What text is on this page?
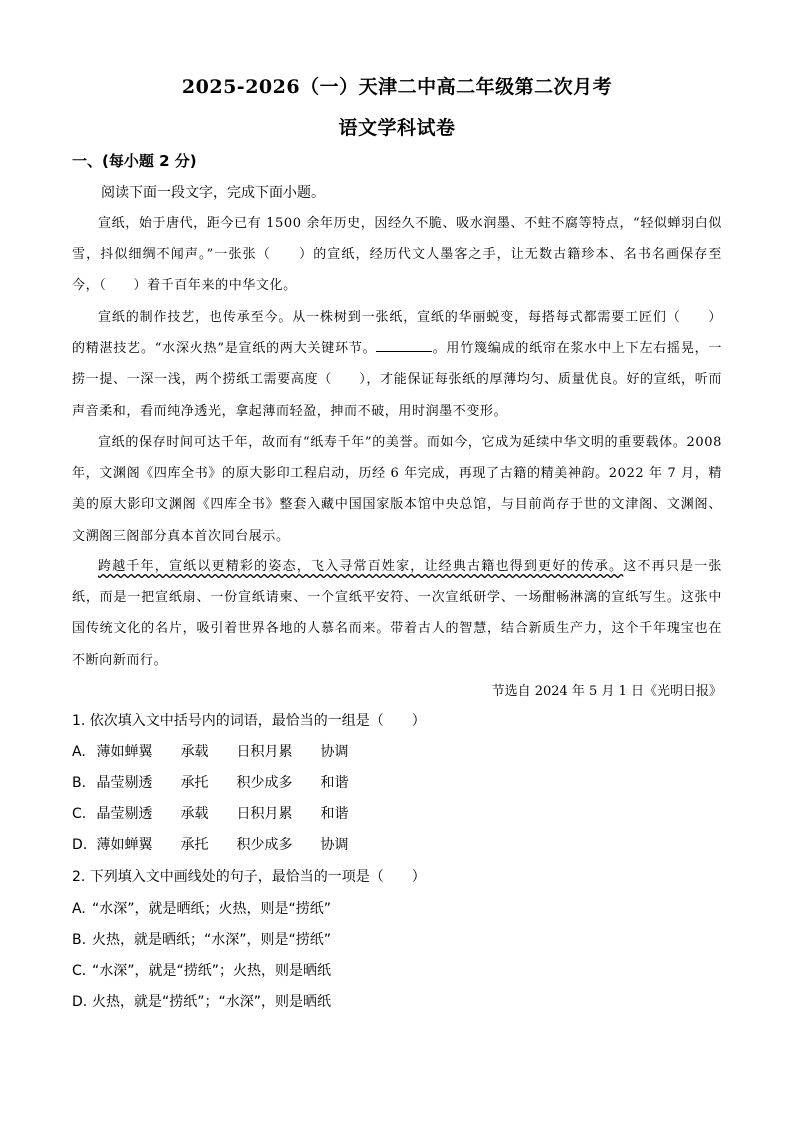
2025-2026（一）天津二中高二年级第二次月考
语文学科试卷
一、(每小题 2 分)
阅读下面一段文字，完成下面小题。

宣纸，始于唐代，距今已有 1500 余年历史，因经久不脆、吸水润墨、不蛀不腐等特点，“轻似蝉羽白似雪，抖似细绸不闻声。”一张张（　　）的宣纸，经历代文人墨客之手，让无数古籍珍本、名书名画保存至今，（　　）着千百年来的中华文化。

宣纸的制作技艺，也传承至今。从一株树到一张纸，宣纸的华丽蜕变，每搭每式都需要工匠们（　　）的精湛技艺。“水深火热”是宣纸的两大关键环节。	。用竹篾编成的纸帘在浆水中上下左右摇晃，一捞一提、一深一浅，两个捞纸工需要高度（　　），才能保证每张纸的厚薄均匀、质量优良。好的宣纸，听而声音柔和，看而纯净透光，拿起薄而轻盈，抻而不破，用时润墨不变形。

宣纸的保存时间可达千年，故而有“纸寿千年”的美誉。而如今，它成为延续中华文明的重要载体。2008 年，文渊阁《四库全书》的原大影印工程启动，历经 6 年完成，再现了古籍的精美神韵。2022 年 7 月，精美的原大影印文渊阁《四库全书》整套入藏中国国家版本馆中央总馆，与目前尚存于世的文津阁、文渊阁、文溯阁三阁部分真本首次同台展示。

跨越千年，宣纸以更精彩的姿态，飞入寻常百姓家，让经典古籍也得到更好的传承。这不再只是一张纸，而是一把宣纸扇、一份宣纸请柬、一个宣纸平安符、一次宣纸研学、一场酣畅淋漓的宣纸写生。这张中国传统文化的名片，吸引着世界各地的人慕名而来。带着古人的智慧，结合新质生产力，这个千年瑰宝也在不断向新而行。

节选自 2024 年 5 月 1 日《光明日报》
1. 依次填入文中括号内的词语，最恰当的一组是（　　）
A. 薄如蝉翼 承载 日积月累 协调
B. 晶莹剔透 承托 积少成多 和谐
C. 晶莹剔透 承载 日积月累 和谐
D. 薄如蝉翼 承托 积少成多 协调
2. 下列填入文中画线处的句子，最恰当的一项是（　　）
A. “水深”，就是晒纸；火热，则是“捞纸”
B. 火热，就是晒纸；“水深”，则是“捞纸”
C. “水深”，就是“捞纸”；火热，则是晒纸
D. 火热，就是“捞纸”；“水深”，则是晒纸
